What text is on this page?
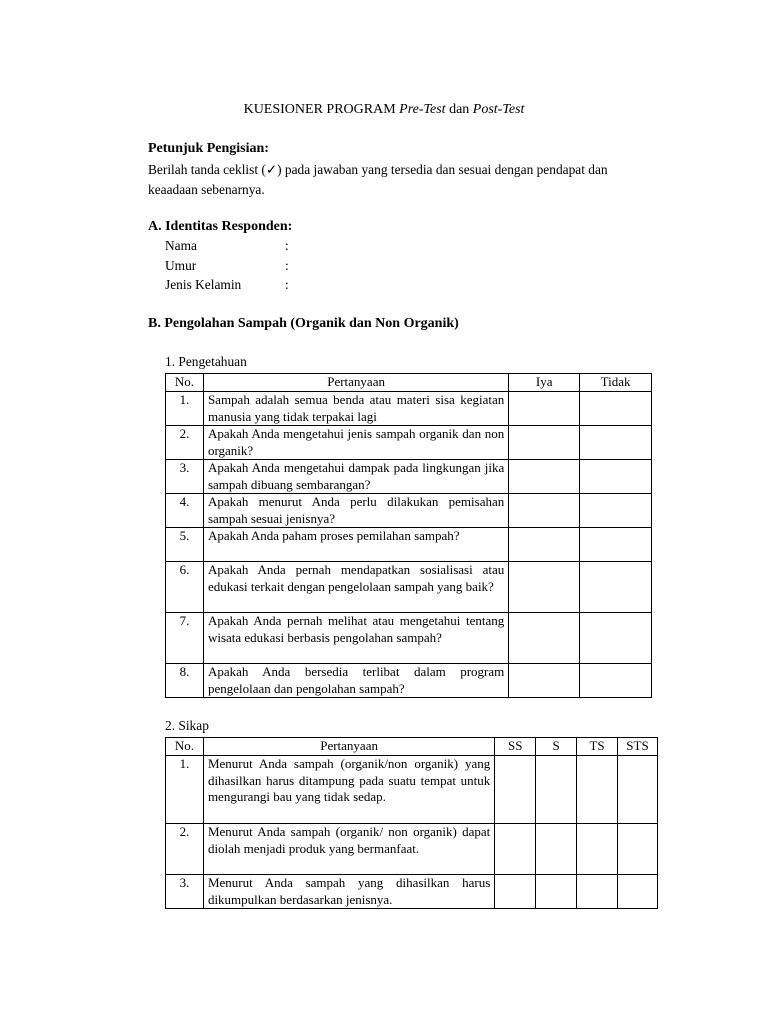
KUESIONER PROGRAM Pre-Test dan Post-Test
Petunjuk Pengisian:
Berilah tanda ceklist (✓) pada jawaban yang tersedia dan sesuai dengan pendapat dan keaadaan sebenarnya.
A. Identitas Responden:
Nama	:
Umur	:
Jenis Kelamin	:
B. Pengolahan Sampah (Organik dan Non Organik)
1. Pengetahuan
No.	Pertanyaan	Iya	Tidak
1.	Sampah adalah semua benda atau materi sisa kegiatan manusia yang tidak terpakai lagi		
2.	Apakah Anda mengetahui jenis sampah organik dan non organik?		
3.	Apakah Anda mengetahui dampak pada lingkungan jika sampah dibuang sembarangan?		
4.	Apakah menurut Anda perlu dilakukan pemisahan sampah sesuai jenisnya?		
5.	Apakah Anda paham proses pemilahan sampah?		
6.	Apakah Anda pernah mendapatkan sosialisasi atau edukasi terkait dengan pengelolaan sampah yang baik?		
7.	Apakah Anda pernah melihat atau mengetahui tentang wisata edukasi berbasis pengolahan sampah?		
8.	Apakah Anda bersedia terlibat dalam program pengelolaan dan pengolahan sampah?		
2. Sikap
No.	Pertanyaan	SS	S	TS	STS
1.	Menurut Anda sampah (organik/non organik) yang dihasilkan harus ditampung pada suatu tempat untuk mengurangi bau yang tidak sedap.				
2.	Menurut Anda sampah (organik/ non organik) dapat diolah menjadi produk yang bermanfaat.				
3.	Menurut Anda sampah yang dihasilkan harus dikumpulkan berdasarkan jenisnya.				
